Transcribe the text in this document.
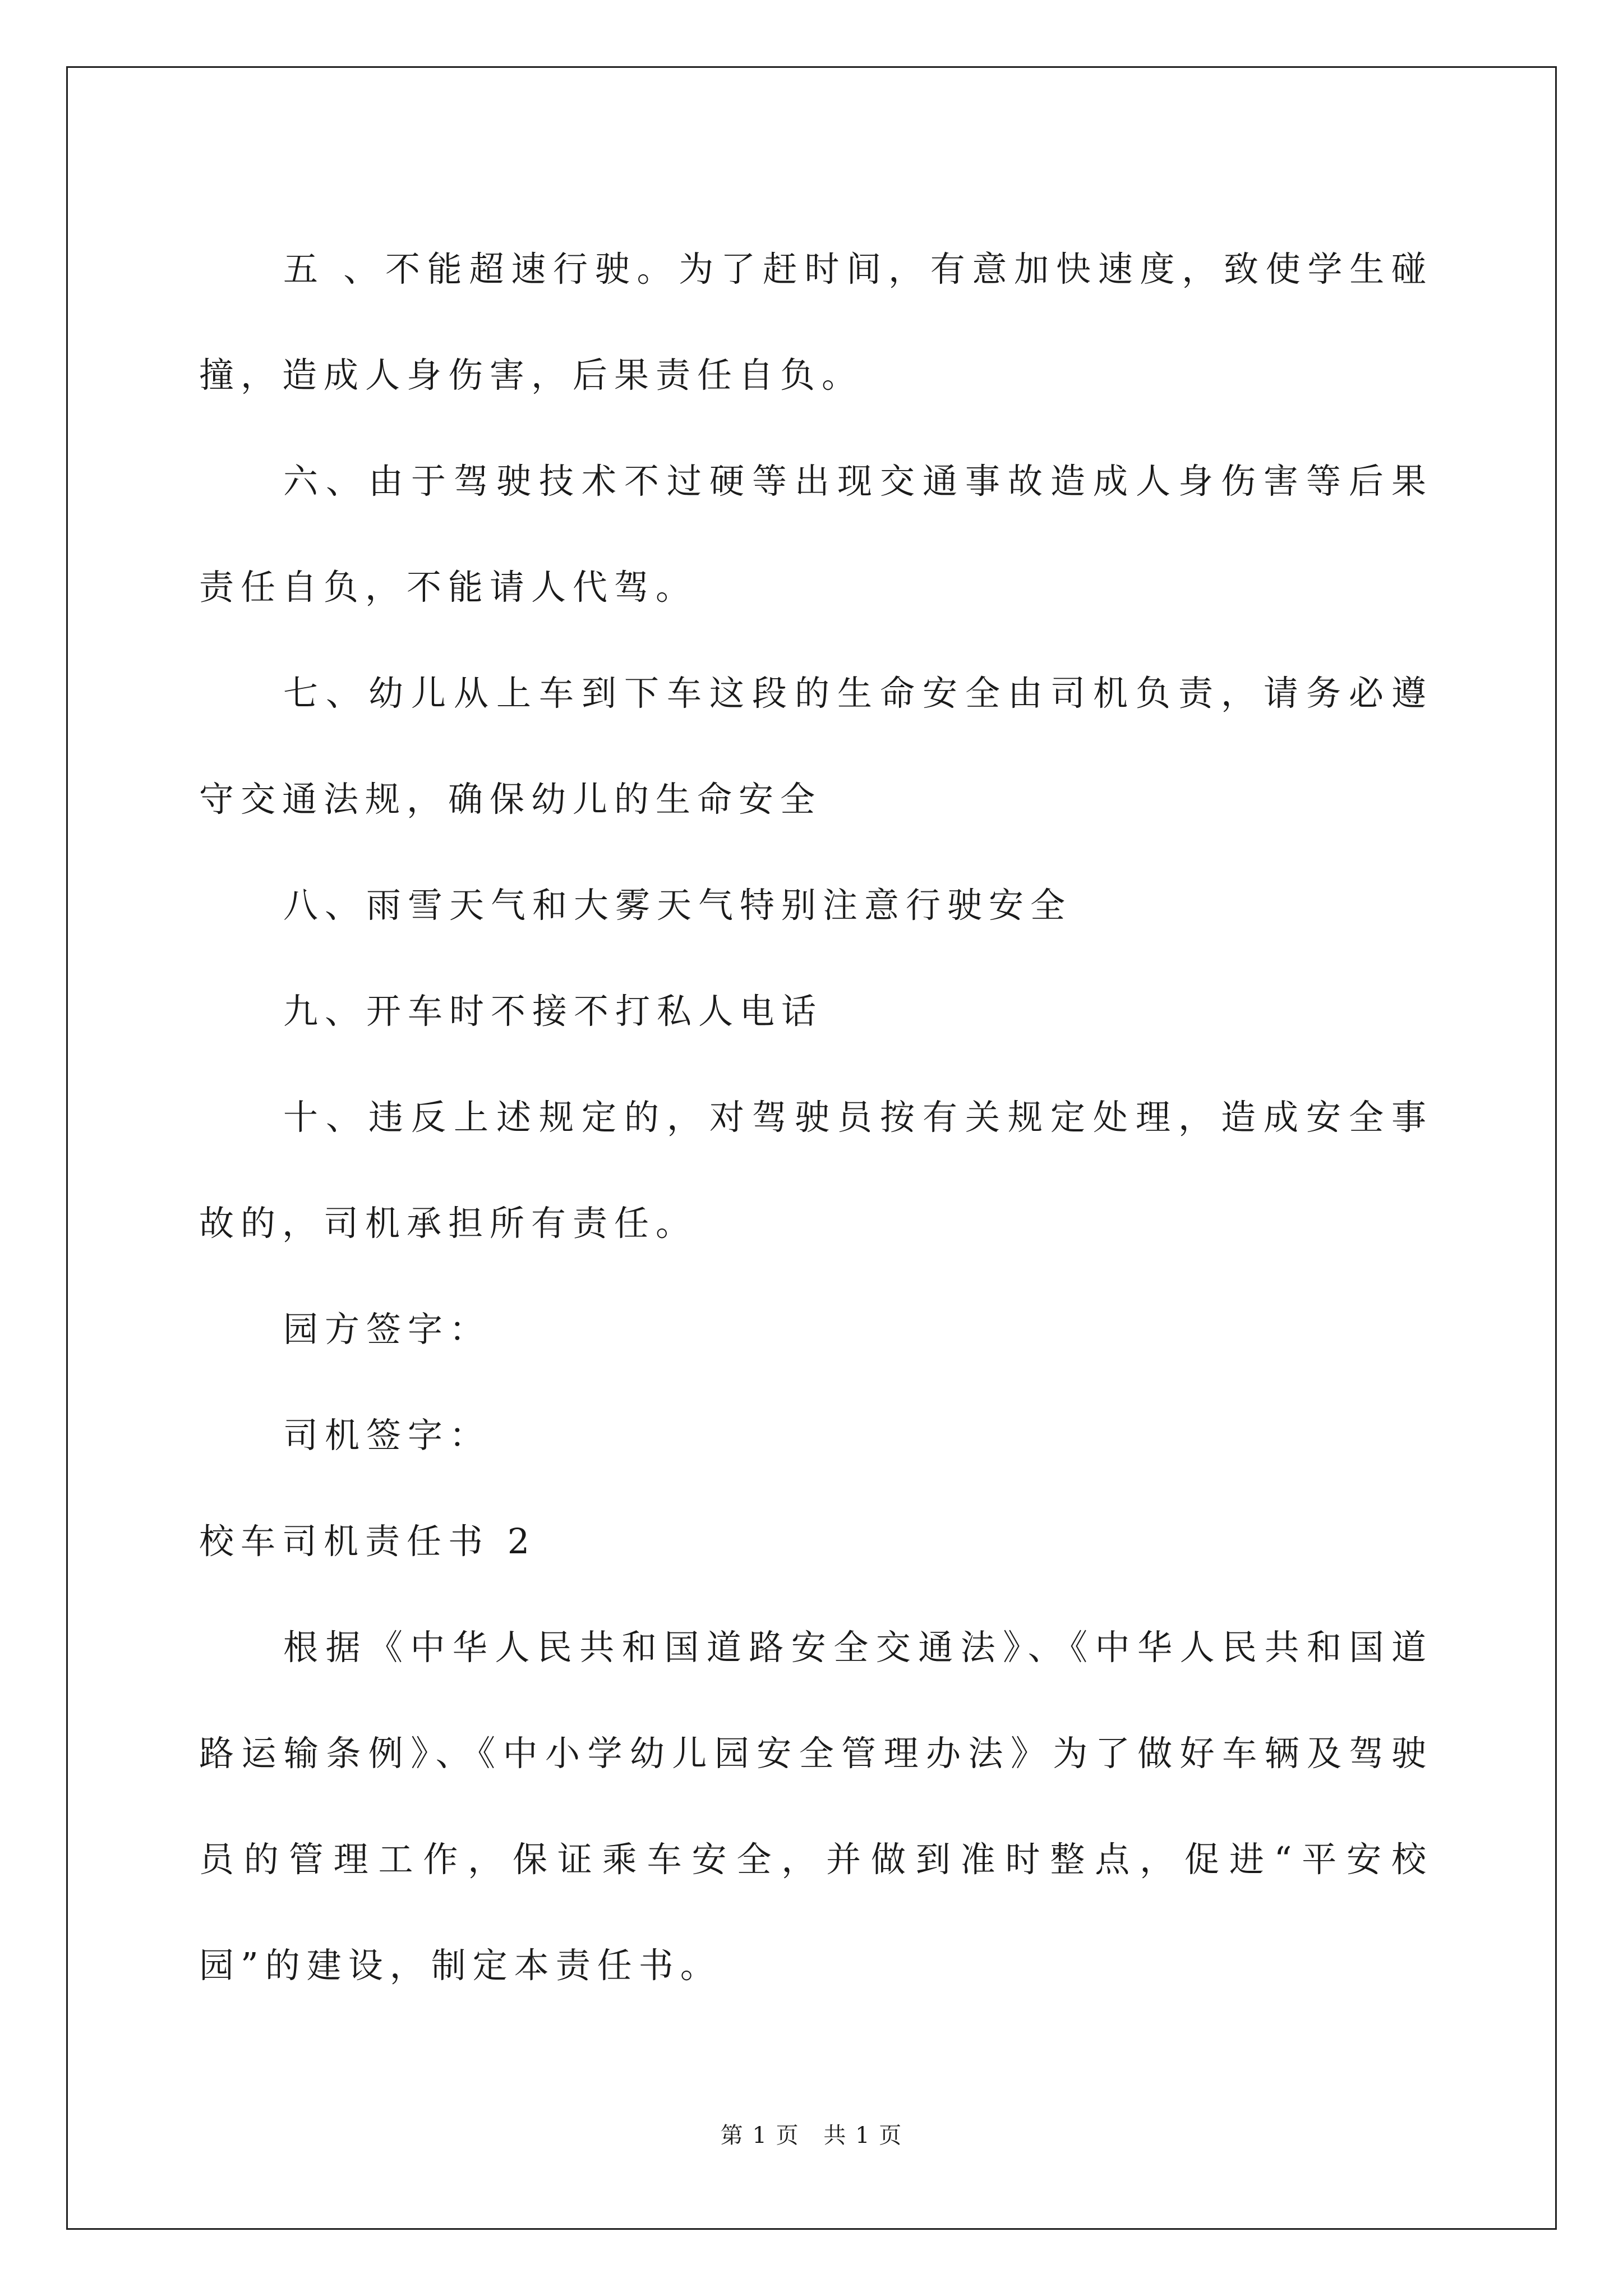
五 、不能超速行驶。为了赶时间，有意加快速度，致使学生碰撞，造成人身伤害，后果责任自负。

六、由于驾驶技术不过硬等出现交通事故造成人身伤害等后果责任自负，不能请人代驾。

七、幼儿从上车到下车这段的生命安全由司机负责，请务必遵守交通法规，确保幼儿的生命安全

八、雨雪天气和大雾天气特别注意行驶安全

九、开车时不接不打私人电话

十、违反上述规定的，对驾驶员按有关规定处理，造成安全事故的，司机承担所有责任。

园方签字：

司机签字：

校车司机责任书 2

根据《中华人民共和国道路安全交通法》、《中华人民共和国道路运输条例》、《中小学幼儿园安全管理办法》为了做好车辆及驾驶员的管理工作，保证乘车安全，并做到准时整点，促进“平安校园”的建设，制定本责任书。

第 1 页 共 1 页
